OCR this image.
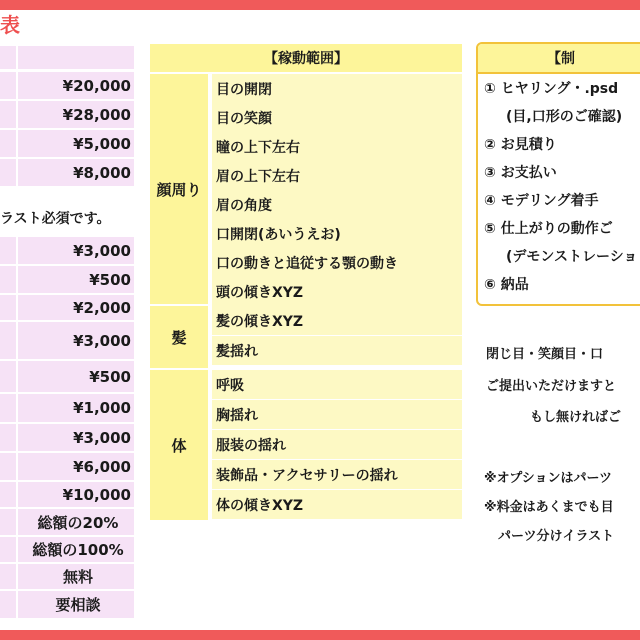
表
¥20,000
¥28,000
¥5,000
¥8,000
ラスト必須です。
¥3,000
¥500
¥2,000
¥3,000
¥500
¥1,000
¥3,000
¥6,000
¥10,000
総額の20%
総額の100%
無料
要相談
【稼動範囲】
顔周り
目の開閉
目の笑顔
瞳の上下左右
眉の上下左右
眉の角度
口開閉(あいうえお)
口の動きと追従する顎の動き
頭の傾きXYZ
髪
髪の傾きXYZ
髪揺れ
体
呼吸
胸揺れ
服装の揺れ
装飾品・アクセサリーの揺れ
体の傾きXYZ
【制
① ヒヤリング・.psd
(目,口形のご確認)
② お見積り
③ お支払い
④ モデリング着手
⑤ 仕上がりの動作ご
(デモンストレーショ
⑥ 納品
閉じ目・笑顔目・口
ご提出いただけますと
もし無ければご
※オプションはパーツ
※料金はあくまでも目
パーツ分けイラスト
